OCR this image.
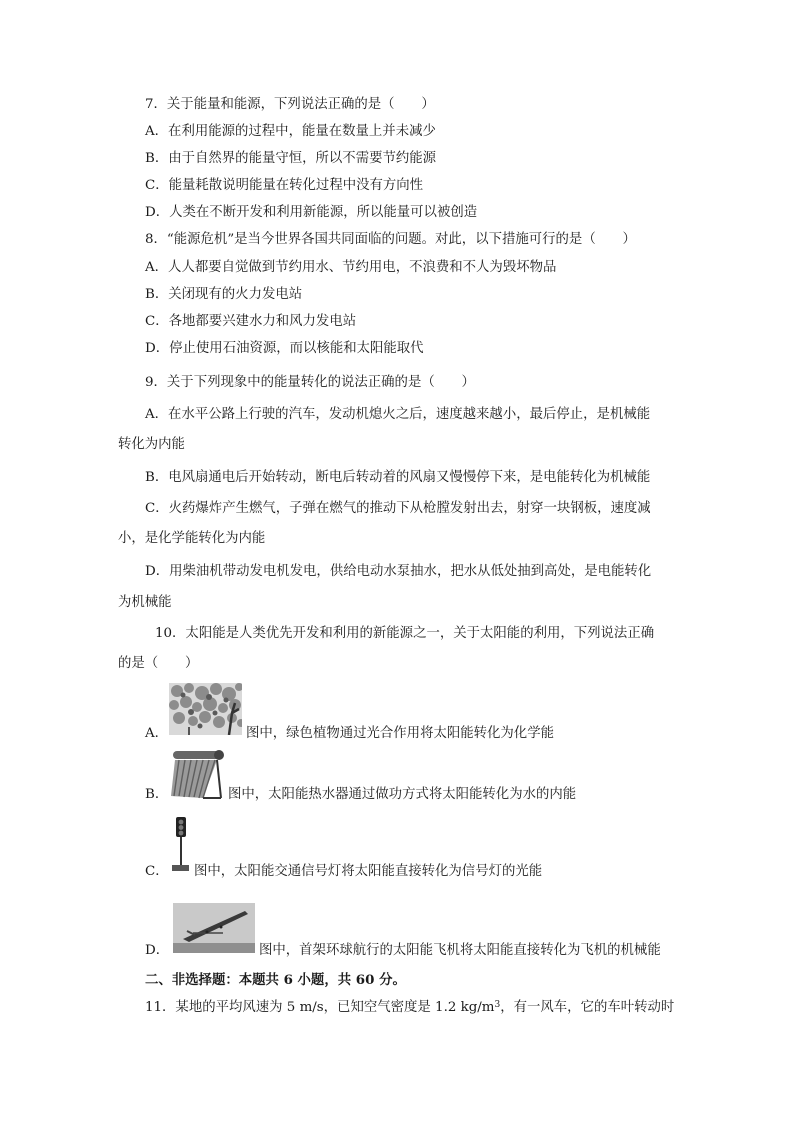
7．关于能量和能源，下列说法正确的是（　　）
A．在利用能源的过程中，能量在数量上并未减少
B．由于自然界的能量守恒，所以不需要节约能源
C．能量耗散说明能量在转化过程中没有方向性
D．人类在不断开发和利用新能源，所以能量可以被创造
8．“能源危机”是当今世界各国共同面临的问题。对此，以下措施可行的是（　　）
A．人人都要自觉做到节约用水、节约用电，不浪费和不人为毁坏物品
B．关闭现有的火力发电站
C．各地都要兴建水力和风力发电站
D．停止使用石油资源，而以核能和太阳能取代
9．关于下列现象中的能量转化的说法正确的是（　　）
A．在水平公路上行驶的汽车，发动机熄火之后，速度越来越小，最后停止，是机械能
转化为内能
B．电风扇通电后开始转动，断电后转动着的风扇又慢慢停下来，是电能转化为机械能
C．火药爆炸产生燃气，子弹在燃气的推动下从枪膛发射出去，射穿一块钢板，速度减
小，是化学能转化为内能
D．用柴油机带动发电机发电，供给电动水泵抽水，把水从低处抽到高处，是电能转化
为机械能
10．太阳能是人类优先开发和利用的新能源之一，关于太阳能的利用，下列说法正确
的是（　　）
A．	图中，绿色植物通过光合作用将太阳能转化为化学能
B．	图中，太阳能热水器通过做功方式将太阳能转化为水的内能
C． 图中，太阳能交通信号灯将太阳能直接转化为信号灯的光能
D．	图中，首架环球航行的太阳能飞机将太阳能直接转化为飞机的机械能
二、非选择题：本题共 6 小题，共 60 分。
11．某地的平均风速为 5 m/s，已知空气密度是 1.2 $kg/m^3$，有一风车，它的车叶转动时
